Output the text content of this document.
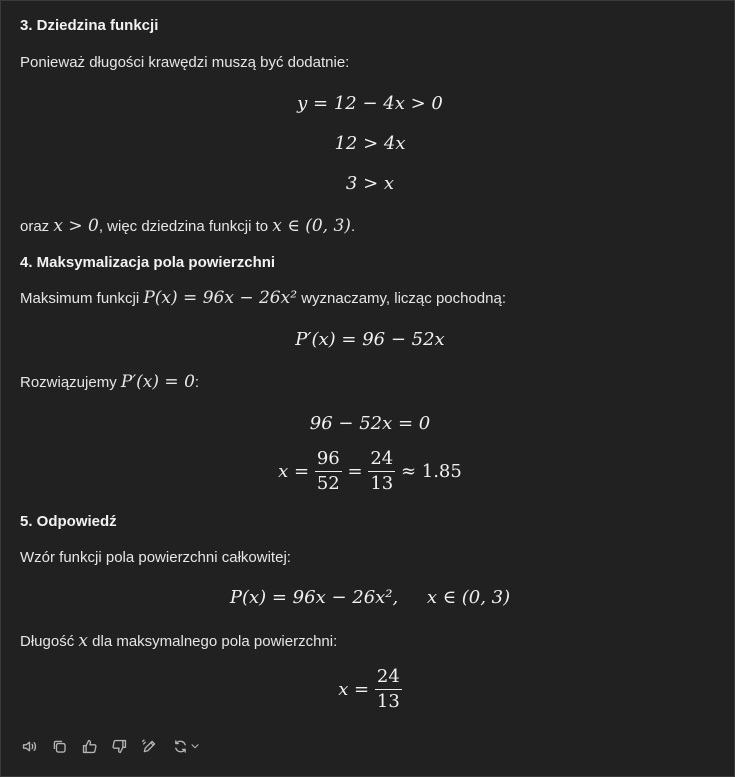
3. Dziedzina funkcji

Ponieważ długości krawędzi muszą być dodatnie:

y = 12 − 4x > 0
12 > 4x
3 > x

oraz x > 0, więc dziedzina funkcji to x ∈ (0, 3).

4. Maksymalizacja pola powierzchni

Maksimum funkcji P(x) = 96x − 26x² wyznaczamy, licząc pochodną:

P′(x) = 96 − 52x

Rozwiązujemy P′(x) = 0:

96 − 52x = 0
$x = \frac{96}{52} = \frac{24}{13} \approx 1.85$

5. Odpowiedź

Wzór funkcji pola powierzchni całkowitej:

P(x) = 96x − 26x²,     x ∈ (0, 3)

Długość x dla maksymalnego pola powierzchni:

$x = \frac{24}{13}$
